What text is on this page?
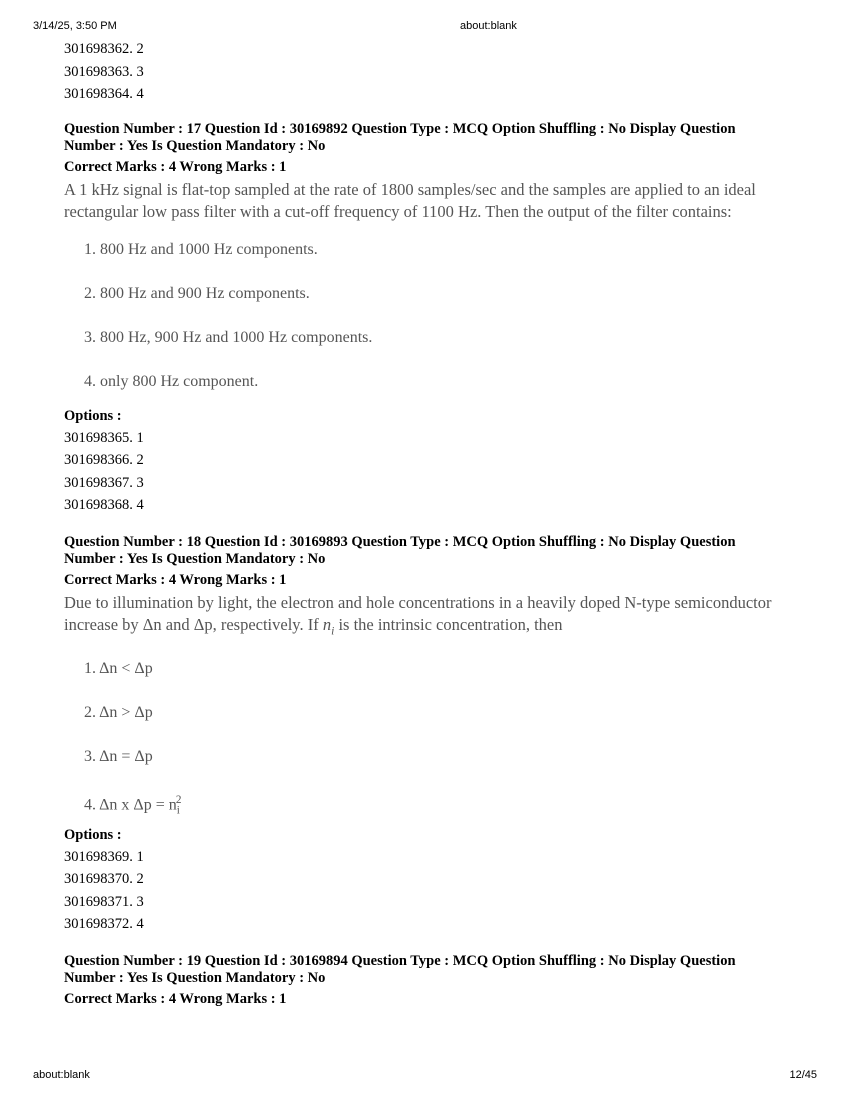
3/14/25, 3:50 PM	about:blank
301698362. 2
301698363. 3
301698364. 4
Question Number : 17 Question Id : 30169892 Question Type : MCQ Option Shuffling : No Display Question
Number : Yes Is Question Mandatory : No
Correct Marks : 4 Wrong Marks : 1
A 1 kHz signal is flat-top sampled at the rate of 1800 samples/sec and the samples are applied to an ideal rectangular low pass filter with a cut-off frequency of 1100 Hz. Then the output of the filter contains:
1. 800 Hz and 1000 Hz components.
2. 800 Hz and 900 Hz components.
3. 800 Hz, 900 Hz and 1000 Hz components.
4. only 800 Hz component.
Options :
301698365. 1
301698366. 2
301698367. 3
301698368. 4
Question Number : 18 Question Id : 30169893 Question Type : MCQ Option Shuffling : No Display Question
Number : Yes Is Question Mandatory : No
Correct Marks : 4 Wrong Marks : 1
Due to illumination by light, the electron and hole concentrations in a heavily doped N-type semiconductor increase by Δn and Δp, respectively. If $n_i$ is the intrinsic concentration, then
1. Δn < Δp
2. Δn > Δp
3. Δn = Δp
4. Δn x $\Delta p = n_i^2$
Options :
301698369. 1
301698370. 2
301698371. 3
301698372. 4
Question Number : 19 Question Id : 30169894 Question Type : MCQ Option Shuffling : No Display Question
Number : Yes Is Question Mandatory : No
Correct Marks : 4 Wrong Marks : 1
about:blank	12/45
